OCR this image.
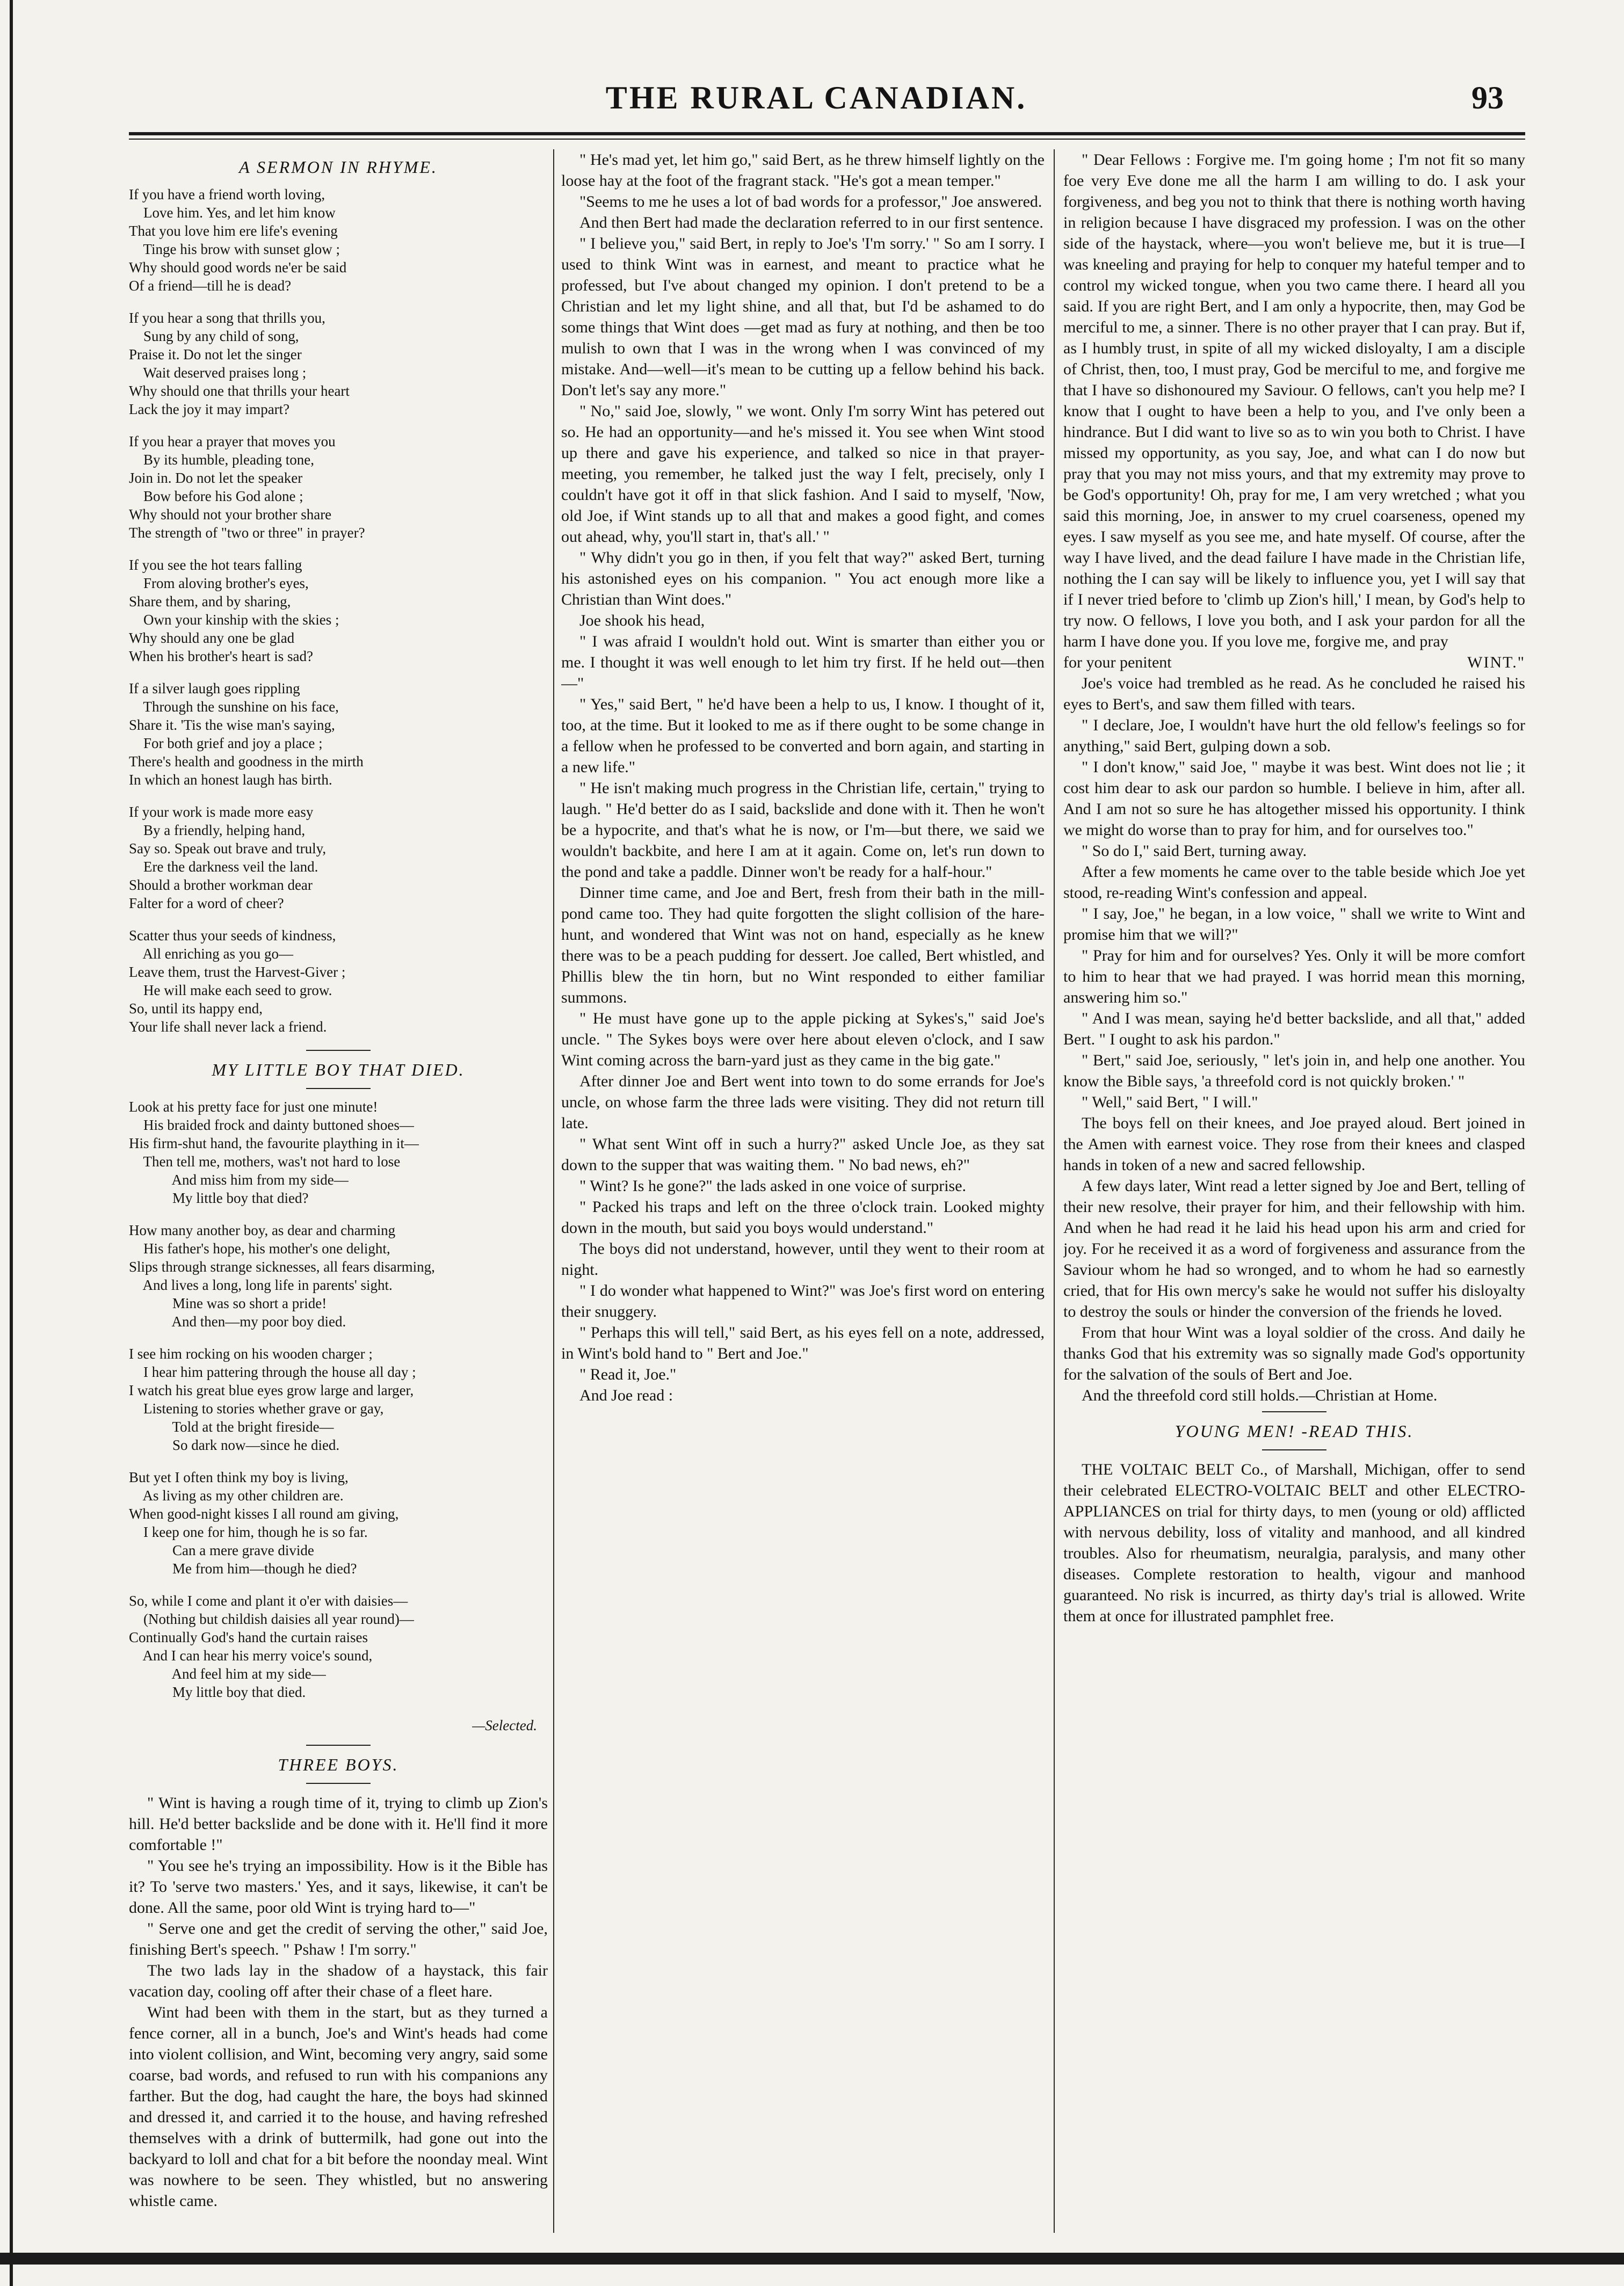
THE RURAL CANADIAN.	93
A SERMON IN RHYME.
If you have a friend worth loving,
Love him. Yes, and let him know
That you love him ere life's evening
Tinge his brow with sunset glow ;
Why should good words ne'er be said
Of a friend—till he is dead?
If you hear a song that thrills you,
Sung by any child of song,
Praise it. Do not let the singer
Wait deserved praises long ;
Why should one that thrills your heart
Lack the joy it may impart?
If you hear a prayer that moves you
By its humble, pleading tone,
Join in. Do not let the speaker
Bow before his God alone ;
Why should not your brother share
The strength of "two or three" in prayer?
If you see the hot tears falling
From aloving brother's eyes,
Share them, and by sharing,
Own your kinship with the skies ;
Why should any one be glad
When his brother's heart is sad?
If a silver laugh goes rippling
Through the sunshine on his face,
Share it. 'Tis the wise man's saying,
For both grief and joy a place ;
There's health and goodness in the mirth
In which an honest laugh has birth.
If your work is made more easy
By a friendly, helping hand,
Say so. Speak out brave and truly,
Ere the darkness veil the land.
Should a brother workman dear
Falter for a word of cheer?
Scatter thus your seeds of kindness,
All enriching as you go—
Leave them, trust the Harvest-Giver ;
He will make each seed to grow.
So, until its happy end,
Your life shall never lack a friend.
MY LITTLE BOY THAT DIED.
Look at his pretty face for just one minute!
His braided frock and dainty buttoned shoes—
His firm-shut hand, the favourite plaything in it—
Then tell me, mothers, was't not hard to lose
And miss him from my side—
My little boy that died?
How many another boy, as dear and charming
His father's hope, his mother's one delight,
Slips through strange sicknesses, all fears disarming,
And lives a long, long life in parents' sight.
Mine was so short a pride!
And then—my poor boy died.
I see him rocking on his wooden charger ;
I hear him pattering through the house all day ;
I watch his great blue eyes grow large and larger,
Listening to stories whether grave or gay,
Told at the bright fireside—
So dark now—since he died.
But yet I often think my boy is living,
As living as my other children are.
When good-night kisses I all round am giving,
I keep one for him, though he is so far.
Can a mere grave divide
Me from him—though he died?
So, while I come and plant it o'er with daisies—
(Nothing but childish daisies all year round)—
Continually God's hand the curtain raises
And I can hear his merry voice's sound,
And feel him at my side—
My little boy that died.
—Selected.
THREE BOYS.

" Wint is having a rough time of it, trying to climb up Zion's hill. He'd better backslide and be done with it. He'll find it more comfortable !"

" You see he's trying an impossibility. How is it the Bible has it? To 'serve two masters.' Yes, and it says, likewise, it can't be done. All the same, poor old Wint is trying hard to—"

" Serve one and get the credit of serving the other," said Joe, finishing Bert's speech. " Pshaw ! I'm sorry."

The two lads lay in the shadow of a haystack, this fair vacation day, cooling off after their chase of a fleet hare.

Wint had been with them in the start, but as they turned a fence corner, all in a bunch, Joe's and Wint's heads had come into violent collision, and Wint, becoming very angry, said some coarse, bad words, and refused to run with his companions any farther. But the dog, had caught the hare, the boys had skinned and dressed it, and carried it to the house, and having refreshed themselves with a drink of buttermilk, had gone out into the backyard to loll and chat for a bit before the noonday meal. Wint was nowhere to be seen. They whistled, but no answering whistle came.

" He's mad yet, let him go," said Bert, as he threw himself lightly on the loose hay at the foot of the fragrant stack. "He's got a mean temper."

"Seems to me he uses a lot of bad words for a professor," Joe answered.

And then Bert had made the declaration referred to in our first sentence.

" I believe you," said Bert, in reply to Joe's 'I'm sorry.' " So am I sorry. I used to think Wint was in earnest, and meant to practice what he professed, but I've about changed my opinion. I don't pretend to be a Christian and let my light shine, and all that, but I'd be ashamed to do some things that Wint does —get mad as fury at nothing, and then be too mulish to own that I was in the wrong when I was convinced of my mistake. And—well—it's mean to be cutting up a fellow behind his back. Don't let's say any more."

" No," said Joe, slowly, " we wont. Only I'm sorry Wint has petered out so. He had an opportunity—and he's missed it. You see when Wint stood up there and gave his experience, and talked so nice in that prayer-meeting, you remember, he talked just the way I felt, precisely, only I couldn't have got it off in that slick fashion. And I said to myself, 'Now, old Joe, if Wint stands up to all that and makes a good fight, and comes out ahead, why, you'll start in, that's all.' "

" Why didn't you go in then, if you felt that way?" asked Bert, turning his astonished eyes on his companion. " You act enough more like a Christian than Wint does."

Joe shook his head,

" I was afraid I wouldn't hold out. Wint is smarter than either you or me. I thought it was well enough to let him try first. If he held out—then—"

" Yes," said Bert, " he'd have been a help to us, I know. I thought of it, too, at the time. But it looked to me as if there ought to be some change in a fellow when he professed to be converted and born again, and starting in a new life."

" He isn't making much progress in the Christian life, certain," trying to laugh. " He'd better do as I said, backslide and done with it. Then he won't be a hypocrite, and that's what he is now, or I'm—but there, we said we wouldn't backbite, and here I am at it again. Come on, let's run down to the pond and take a paddle. Dinner won't be ready for a half-hour."

Dinner time came, and Joe and Bert, fresh from their bath in the mill-pond came too. They had quite forgotten the slight collision of the hare-hunt, and wondered that Wint was not on hand, especially as he knew there was to be a peach pudding for dessert. Joe called, Bert whistled, and Phillis blew the tin horn, but no Wint responded to either familiar summons.

" He must have gone up to the apple picking at Sykes's," said Joe's uncle. " The Sykes boys were over here about eleven o'clock, and I saw Wint coming across the barn-yard just as they came in the big gate."

After dinner Joe and Bert went into town to do some errands for Joe's uncle, on whose farm the three lads were visiting. They did not return till late.

" What sent Wint off in such a hurry?" asked Uncle Joe, as they sat down to the supper that was waiting them. " No bad news, eh?"

" Wint? Is he gone?" the lads asked in one voice of surprise.

" Packed his traps and left on the three o'clock train. Looked mighty down in the mouth, but said you boys would understand."

The boys did not understand, however, until they went to their room at night.

" I do wonder what happened to Wint?" was Joe's first word on entering their snuggery.

" Perhaps this will tell," said Bert, as his eyes fell on a note, addressed, in Wint's bold hand to " Bert and Joe."

" Read it, Joe."

And Joe read :

" Dear Fellows : Forgive me. I'm going home ; I'm not fit so many foe very Eve done me all the harm I am willing to do. I ask your forgiveness, and beg you not to think that there is nothing worth having in religion because I have disgraced my profession. I was on the other side of the haystack, where—you won't believe me, but it is true—I was kneeling and praying for help to conquer my hateful temper and to control my wicked tongue, when you two came there. I heard all you said. If you are right Bert, and I am only a hypocrite, then, may God be merciful to me, a sinner. There is no other prayer that I can pray. But if, as I humbly trust, in spite of all my wicked disloyalty, I am a disciple of Christ, then, too, I must pray, God be merciful to me, and forgive me that I have so dishonoured my Saviour. O fellows, can't you help me? I know that I ought to have been a help to you, and I've only been a hindrance. But I did want to live so as to win you both to Christ. I have missed my opportunity, as you say, Joe, and what can I do now but pray that you may not miss yours, and that my extremity may prove to be God's opportunity! Oh, pray for me, I am very wretched ; what you said this morning, Joe, in answer to my cruel coarseness, opened my eyes. I saw myself as you see me, and hate myself. Of course, after the way I have lived, and the dead failure I have made in the Christian life, nothing the I can say will be likely to influence you, yet I will say that if I never tried before to 'climb up Zion's hill,' I mean, by God's help to try now. O fellows, I love you both, and I ask your pardon for all the harm I have done you. If you love me, forgive me, and pray

for your penitent	WINT."

Joe's voice had trembled as he read. As he concluded he raised his eyes to Bert's, and saw them filled with tears.

" I declare, Joe, I wouldn't have hurt the old fellow's feelings so for anything," said Bert, gulping down a sob.

" I don't know," said Joe, " maybe it was best. Wint does not lie ; it cost him dear to ask our pardon so humble. I believe in him, after all. And I am not so sure he has altogether missed his opportunity. I think we might do worse than to pray for him, and for ourselves too."

" So do I," said Bert, turning away.

After a few moments he came over to the table beside which Joe yet stood, re-reading Wint's confession and appeal.

" I say, Joe," he began, in a low voice, " shall we write to Wint and promise him that we will?"

" Pray for him and for ourselves? Yes. Only it will be more comfort to him to hear that we had prayed. I was horrid mean this morning, answering him so."

" And I was mean, saying he'd better backslide, and all that," added Bert. " I ought to ask his pardon."

" Bert," said Joe, seriously, " let's join in, and help one another. You know the Bible says, 'a threefold cord is not quickly broken.' "

" Well," said Bert, " I will."

The boys fell on their knees, and Joe prayed aloud. Bert joined in the Amen with earnest voice. They rose from their knees and clasped hands in token of a new and sacred fellowship.

A few days later, Wint read a letter signed by Joe and Bert, telling of their new resolve, their prayer for him, and their fellowship with him. And when he had read it he laid his head upon his arm and cried for joy. For he received it as a word of forgiveness and assurance from the Saviour whom he had so wronged, and to whom he had so earnestly cried, that for His own mercy's sake he would not suffer his disloyalty to destroy the souls or hinder the conversion of the friends he loved.

From that hour Wint was a loyal soldier of the cross. And daily he thanks God that his extremity was so signally made God's opportunity for the salvation of the souls of Bert and Joe.

And the threefold cord still holds.—Christian at Home.

YOUNG MEN! -READ THIS.

THE VOLTAIC BELT Co., of Marshall, Michigan, offer to send their celebrated ELECTRO-VOLTAIC BELT and other ELECTRO-APPLIANCES on trial for thirty days, to men (young or old) afflicted with nervous debility, loss of vitality and manhood, and all kindred troubles. Also for rheumatism, neuralgia, paralysis, and many other diseases. Complete restoration to health, vigour and manhood guaranteed. No risk is incurred, as thirty day's trial is allowed. Write them at once for illustrated pamphlet free.
